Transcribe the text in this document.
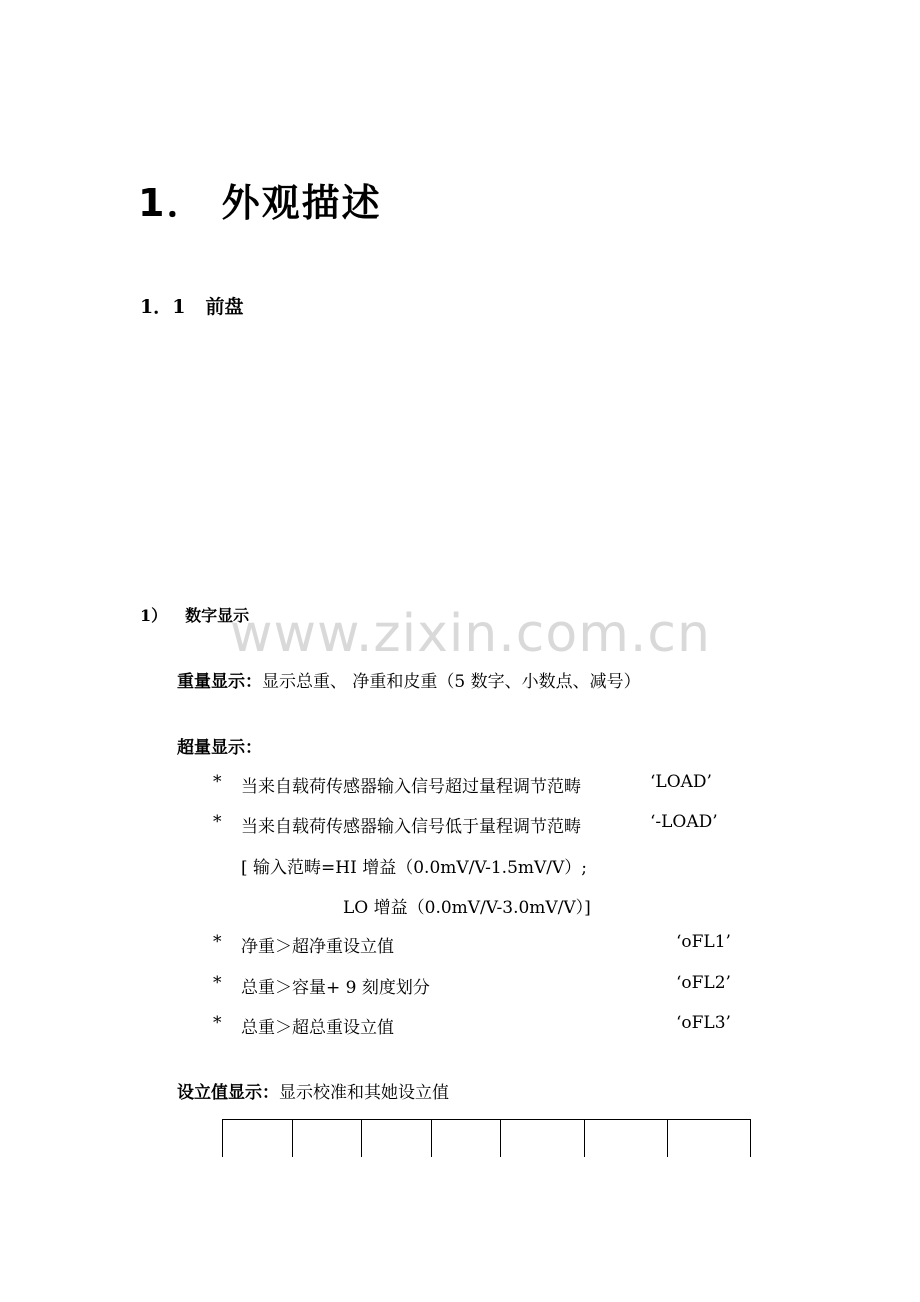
www.zixin.com.cn
1． 外观描述
1．1 前盘
1） 数字显示
重量显示：显示总重、 净重和皮重（5 数字、小数点、减号）
超量显示：
* 当来自载荷传感器输入信号超过量程调节范畴	‘LOAD’
* 当来自载荷传感器输入信号低于量程调节范畴	‘-LOAD’
[ 输入范畴=HI 增益（0.0mV/V-1.5mV/V）;
LO 增益（0.0mV/V-3.0mV/V）]
* 净重＞超净重设立值	‘oFL1’
* 总重＞容量+ 9 刻度划分	‘oFL2’
* 总重＞超总重设立值	‘oFL3’
设立值显示：显示校准和其她设立值
